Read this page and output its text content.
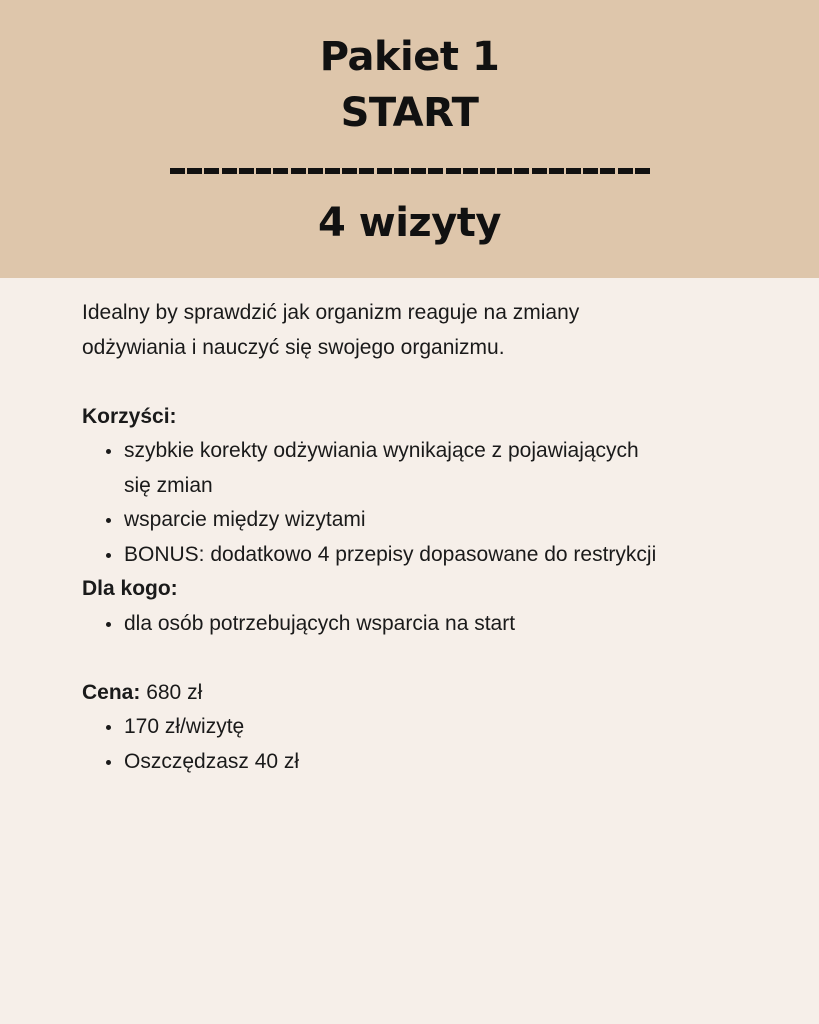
Pakiet 1
START
4 wizyty

Idealny by sprawdzić jak organizm reaguje na zmiany
odżywiania i nauczyć się swojego organizmu.

Korzyści:

szybkie korekty odżywiania wynikające z pojawiających
się zmian
wsparcie między wizytami
BONUS: dodatkowo 4 przepisy dopasowane do restrykcji

Dla kogo:

dla osób potrzebujących wsparcia na start

Cena: 680 zł

170 zł/wizytę
Oszczędzasz 40 zł
